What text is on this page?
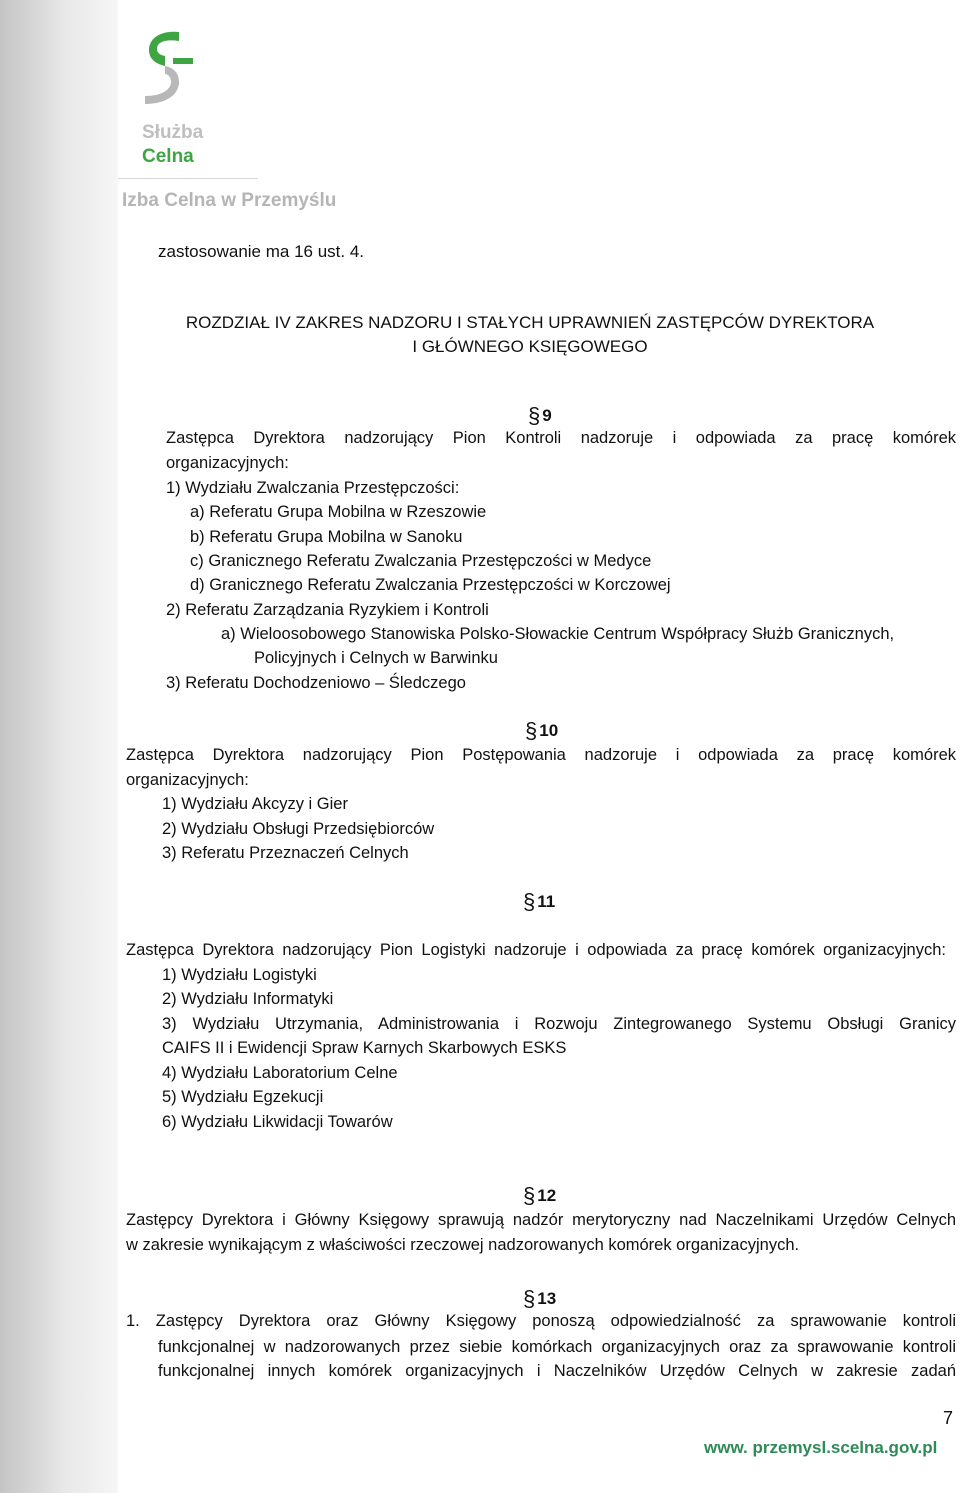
Służba
Celna
Izba Celna w Przemyślu
zastosowanie ma 16 ust. 4.
ROZDZIAŁ IV ZAKRES NADZORU I STAŁYCH UPRAWNIEŃ ZASTĘPCÓW DYREKTORA
I GŁÓWNEGO KSIĘGOWEGO
§ 9
Zastępca Dyrektora nadzorujący Pion Kontroli nadzoruje i odpowiada za pracę komórek
organizacyjnych:
1) Wydziału Zwalczania Przestępczości:
a) Referatu Grupa Mobilna w Rzeszowie
b) Referatu Grupa Mobilna w Sanoku
c) Granicznego Referatu Zwalczania Przestępczości w Medyce
d) Granicznego Referatu Zwalczania Przestępczości w Korczowej
2) Referatu Zarządzania Ryzykiem i Kontroli
a) Wieloosobowego Stanowiska Polsko-Słowackie Centrum Współpracy Służb Granicznych,
Policyjnych i Celnych w Barwinku
3) Referatu Dochodzeniowo – Śledczego
§ 10
Zastępca Dyrektora nadzorujący Pion Postępowania nadzoruje i odpowiada za pracę komórek
organizacyjnych:
1) Wydziału Akcyzy i Gier
2) Wydziału Obsługi Przedsiębiorców
3) Referatu Przeznaczeń Celnych
§ 11
Zastępca Dyrektora nadzorujący Pion Logistyki nadzoruje i odpowiada za pracę komórek organizacyjnych:
1) Wydziału Logistyki
2) Wydziału Informatyki
3) Wydziału Utrzymania, Administrowania i Rozwoju Zintegrowanego Systemu Obsługi Granicy
CAIFS II i Ewidencji Spraw Karnych Skarbowych ESKS
4) Wydziału Laboratorium Celne
5) Wydziału Egzekucji
6) Wydziału Likwidacji Towarów
§ 12
Zastępcy Dyrektora i Główny Księgowy sprawują nadzór merytoryczny nad Naczelnikami Urzędów Celnych
w zakresie wynikającym z właściwości rzeczowej nadzorowanych komórek organizacyjnych.
§ 13
1. Zastępcy Dyrektora oraz Główny Księgowy ponoszą odpowiedzialność za sprawowanie kontroli
funkcjonalnej w nadzorowanych przez siebie komórkach organizacyjnych oraz za sprawowanie kontroli
funkcjonalnej innych komórek organizacyjnych i Naczelników Urzędów Celnych w zakresie zadań
7
www. przemysl.scelna.gov.pl
